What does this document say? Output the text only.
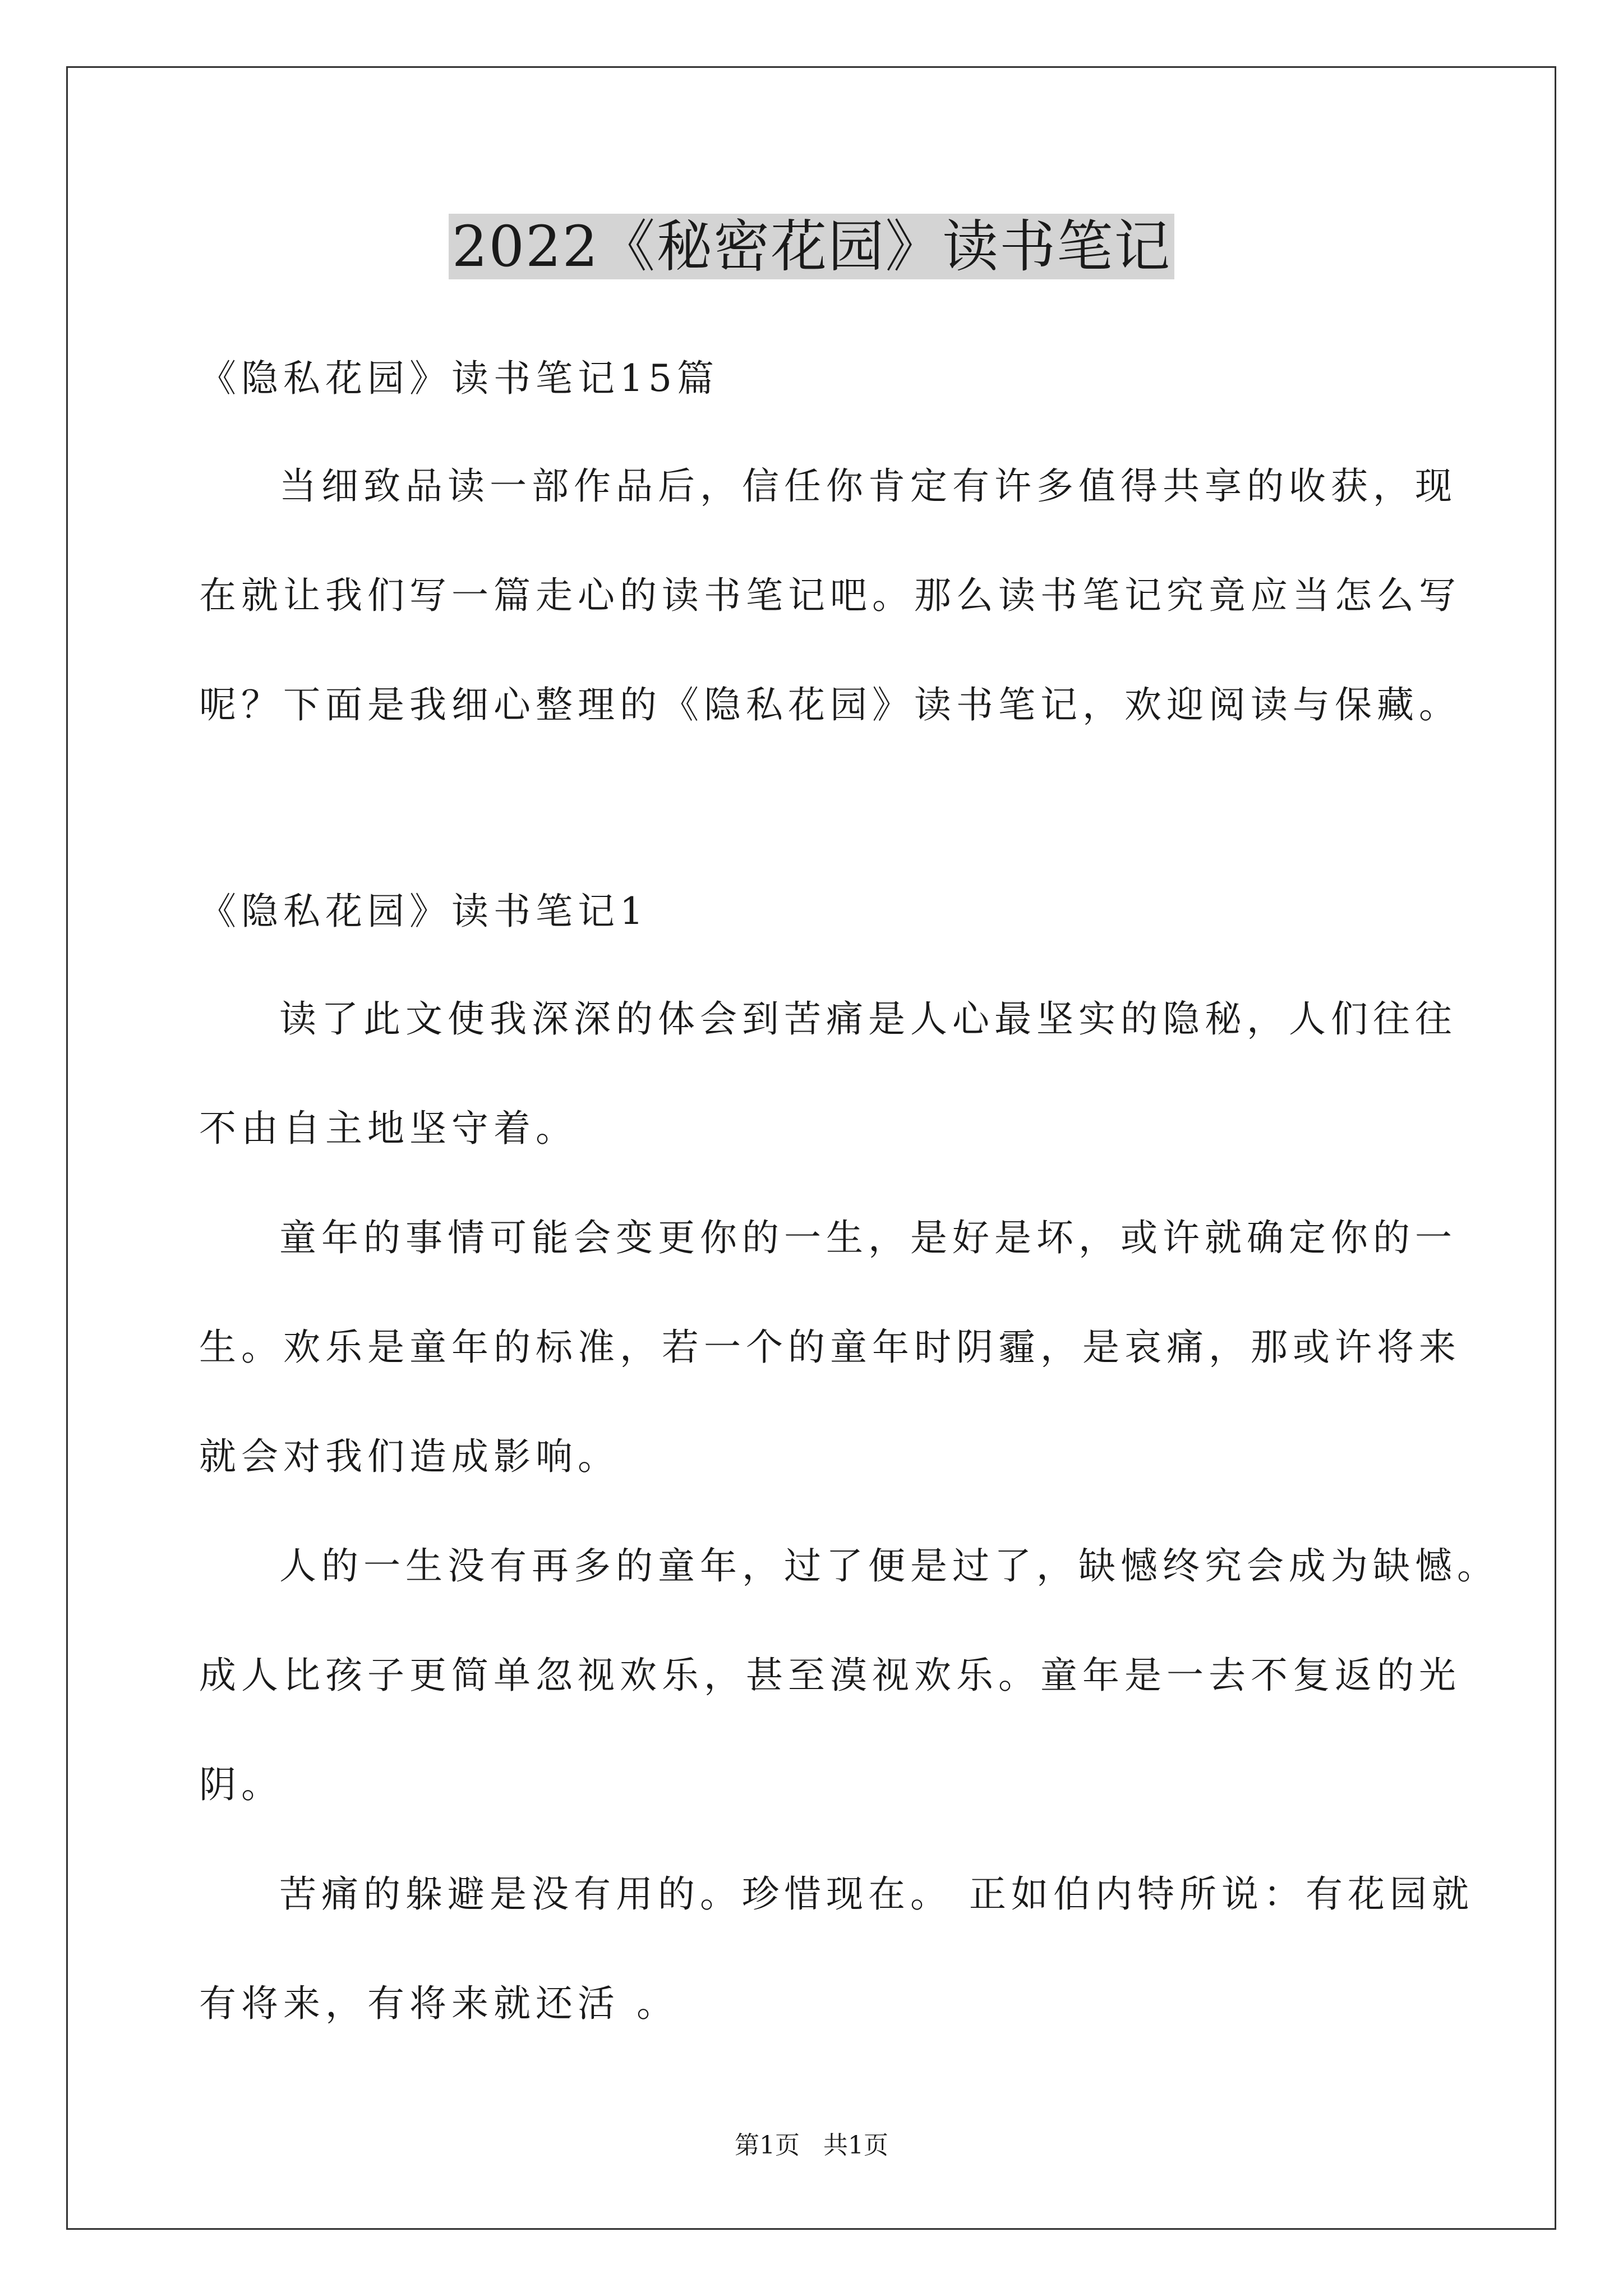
2022《秘密花园》读书笔记
《隐私花园》读书笔记15篇
当细致品读一部作品后，信任你肯定有许多值得共享的收获，现
在就让我们写一篇走心的读书笔记吧。那么读书笔记究竟应当怎么写
呢？下面是我细心整理的《隐私花园》读书笔记，欢迎阅读与保藏。
《隐私花园》读书笔记1
读了此文使我深深的体会到苦痛是人心最坚实的隐秘，人们往往
不由自主地坚守着。
童年的事情可能会变更你的一生，是好是坏，或许就确定你的一
生。欢乐是童年的标准，若一个的童年时阴霾，是哀痛，那或许将来
就会对我们造成影响。
人的一生没有再多的童年，过了便是过了，缺憾终究会成为缺憾。
成人比孩子更简单忽视欢乐，甚至漠视欢乐。童年是一去不复返的光
阴。
苦痛的躲避是没有用的。珍惜现在。 正如伯内特所说：有花园就
有将来，有将来就还活 。
第1页   共1页
